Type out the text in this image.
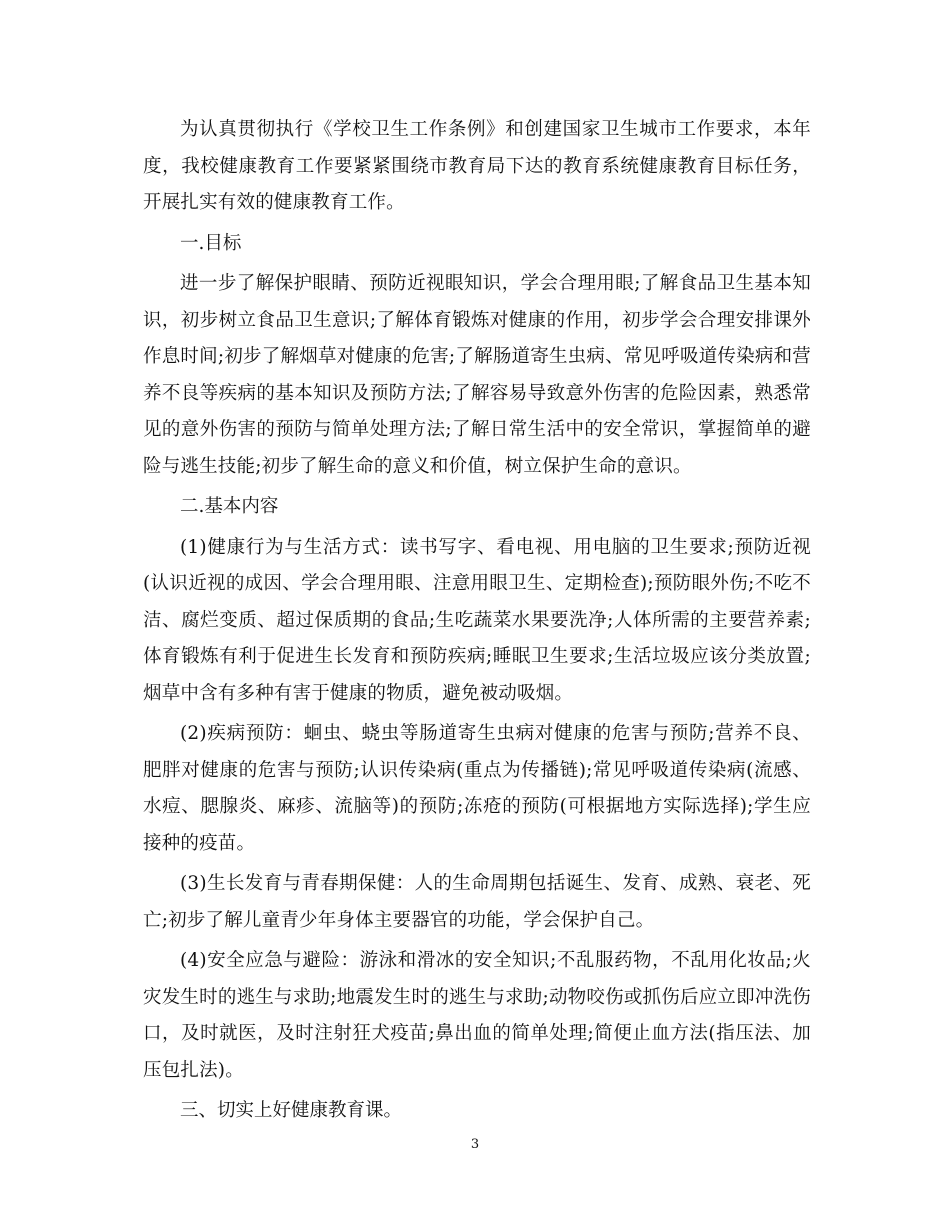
为认真贯彻执行《学校卫生工作条例》和创建国家卫生城市工作要求，本年度，我校健康教育工作要紧紧围绕市教育局下达的教育系统健康教育目标任务，开展扎实有效的健康教育工作。

一.目标

进一步了解保护眼睛、预防近视眼知识，学会合理用眼;了解食品卫生基本知识，初步树立食品卫生意识;了解体育锻炼对健康的作用，初步学会合理安排课外作息时间;初步了解烟草对健康的危害;了解肠道寄生虫病、常见呼吸道传染病和营养不良等疾病的基本知识及预防方法;了解容易导致意外伤害的危险因素，熟悉常见的意外伤害的预防与简单处理方法;了解日常生活中的安全常识，掌握简单的避险与逃生技能;初步了解生命的意义和价值，树立保护生命的意识。

二.基本内容

(1)健康行为与生活方式：读书写字、看电视、用电脑的卫生要求;预防近视(认识近视的成因、学会合理用眼、注意用眼卫生、定期检查);预防眼外伤;不吃不洁、腐烂变质、超过保质期的食品;生吃蔬菜水果要洗净;人体所需的主要营养素;体育锻炼有利于促进生长发育和预防疾病;睡眠卫生要求;生活垃圾应该分类放置;烟草中含有多种有害于健康的物质，避免被动吸烟。

(2)疾病预防：蛔虫、蛲虫等肠道寄生虫病对健康的危害与预防;营养不良、肥胖对健康的危害与预防;认识传染病(重点为传播链);常见呼吸道传染病(流感、水痘、腮腺炎、麻疹、流脑等)的预防;冻疮的预防(可根据地方实际选择);学生应接种的疫苗。

(3)生长发育与青春期保健：人的生命周期包括诞生、发育、成熟、衰老、死亡;初步了解儿童青少年身体主要器官的功能，学会保护自己。

(4)安全应急与避险：游泳和滑冰的安全知识;不乱服药物，不乱用化妆品;火灾发生时的逃生与求助;地震发生时的逃生与求助;动物咬伤或抓伤后应立即冲洗伤口，及时就医，及时注射狂犬疫苗;鼻出血的简单处理;简便止血方法(指压法、加压包扎法)。

三、切实上好健康教育课。

3
